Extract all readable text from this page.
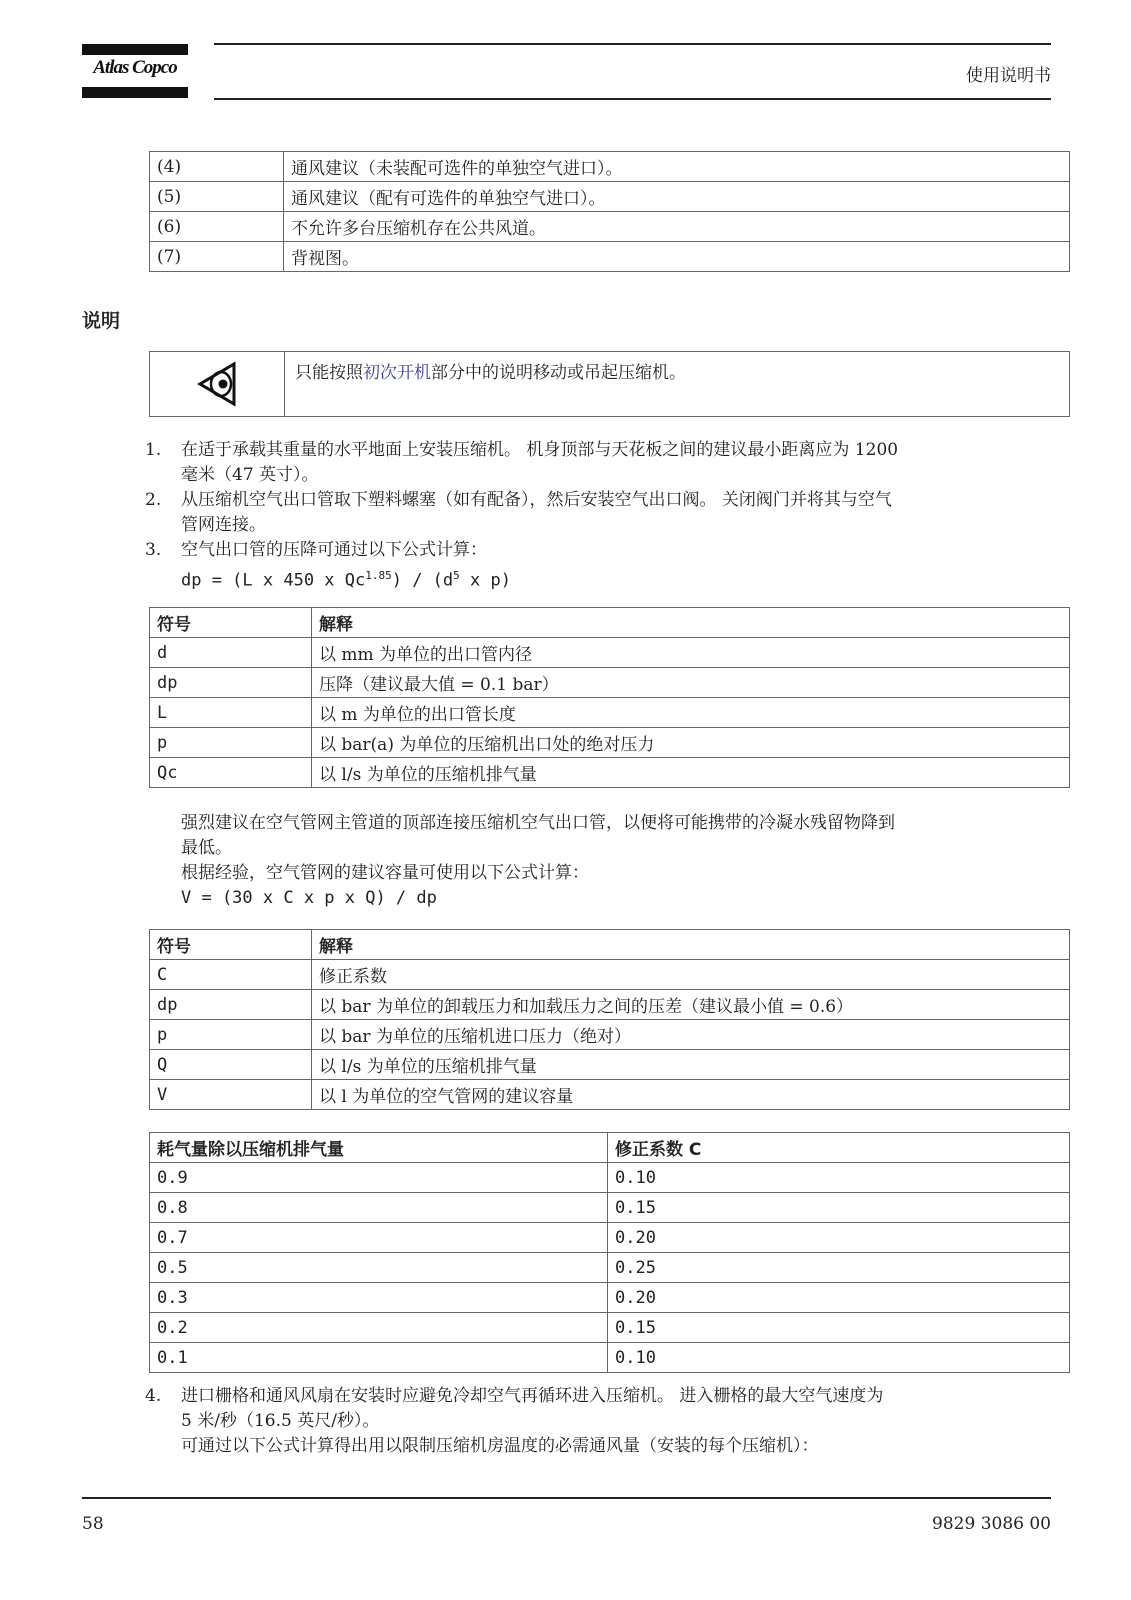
Atlas Copco	使用说明书
(4)	通风建议（未装配可选件的单独空气进口）。
(5)	通风建议（配有可选件的单独空气进口）。
(6)	不允许多台压缩机存在公共风道。
(7)	背视图。
说明
只能按照初次开机部分中的说明移动或吊起压缩机。
1.	在适于承载其重量的水平地面上安装压缩机。 机身顶部与天花板之间的建议最小距离应为 1200
毫米（47 英寸）。
2.	从压缩机空气出口管取下塑料螺塞（如有配备），然后安装空气出口阀。 关闭阀门并将其与空气
管网连接。
3.	空气出口管的压降可通过以下公式计算：
dp = (L x 450 x $Qc^{1.85}) / (d^5$ x p)
符号	解释
d	以 mm 为单位的出口管内径
dp	压降（建议最大值 = 0.1 bar）
L	以 m 为单位的出口管长度
p	以 bar(a) 为单位的压缩机出口处的绝对压力
Qc	以 l/s 为单位的压缩机排气量
强烈建议在空气管网主管道的顶部连接压缩机空气出口管，以便将可能携带的冷凝水残留物降到
最低。
根据经验，空气管网的建议容量可使用以下公式计算：
V = (30 x C x p x Q) / dp
符号	解释
C	修正系数
dp	以 bar 为单位的卸载压力和加载压力之间的压差（建议最小值 = 0.6）
p	以 bar 为单位的压缩机进口压力（绝对）
Q	以 l/s 为单位的压缩机排气量
V	以 l 为单位的空气管网的建议容量
耗气量除以压缩机排气量	修正系数 C
0.9	0.10
0.8	0.15
0.7	0.20
0.5	0.25
0.3	0.20
0.2	0.15
0.1	0.10
4.	进口栅格和通风风扇在安装时应避免冷却空气再循环进入压缩机。 进入栅格的最大空气速度为
5 米/秒（16.5 英尺/秒）。
可通过以下公式计算得出用以限制压缩机房温度的必需通风量（安装的每个压缩机）：
58	9829 3086 00
